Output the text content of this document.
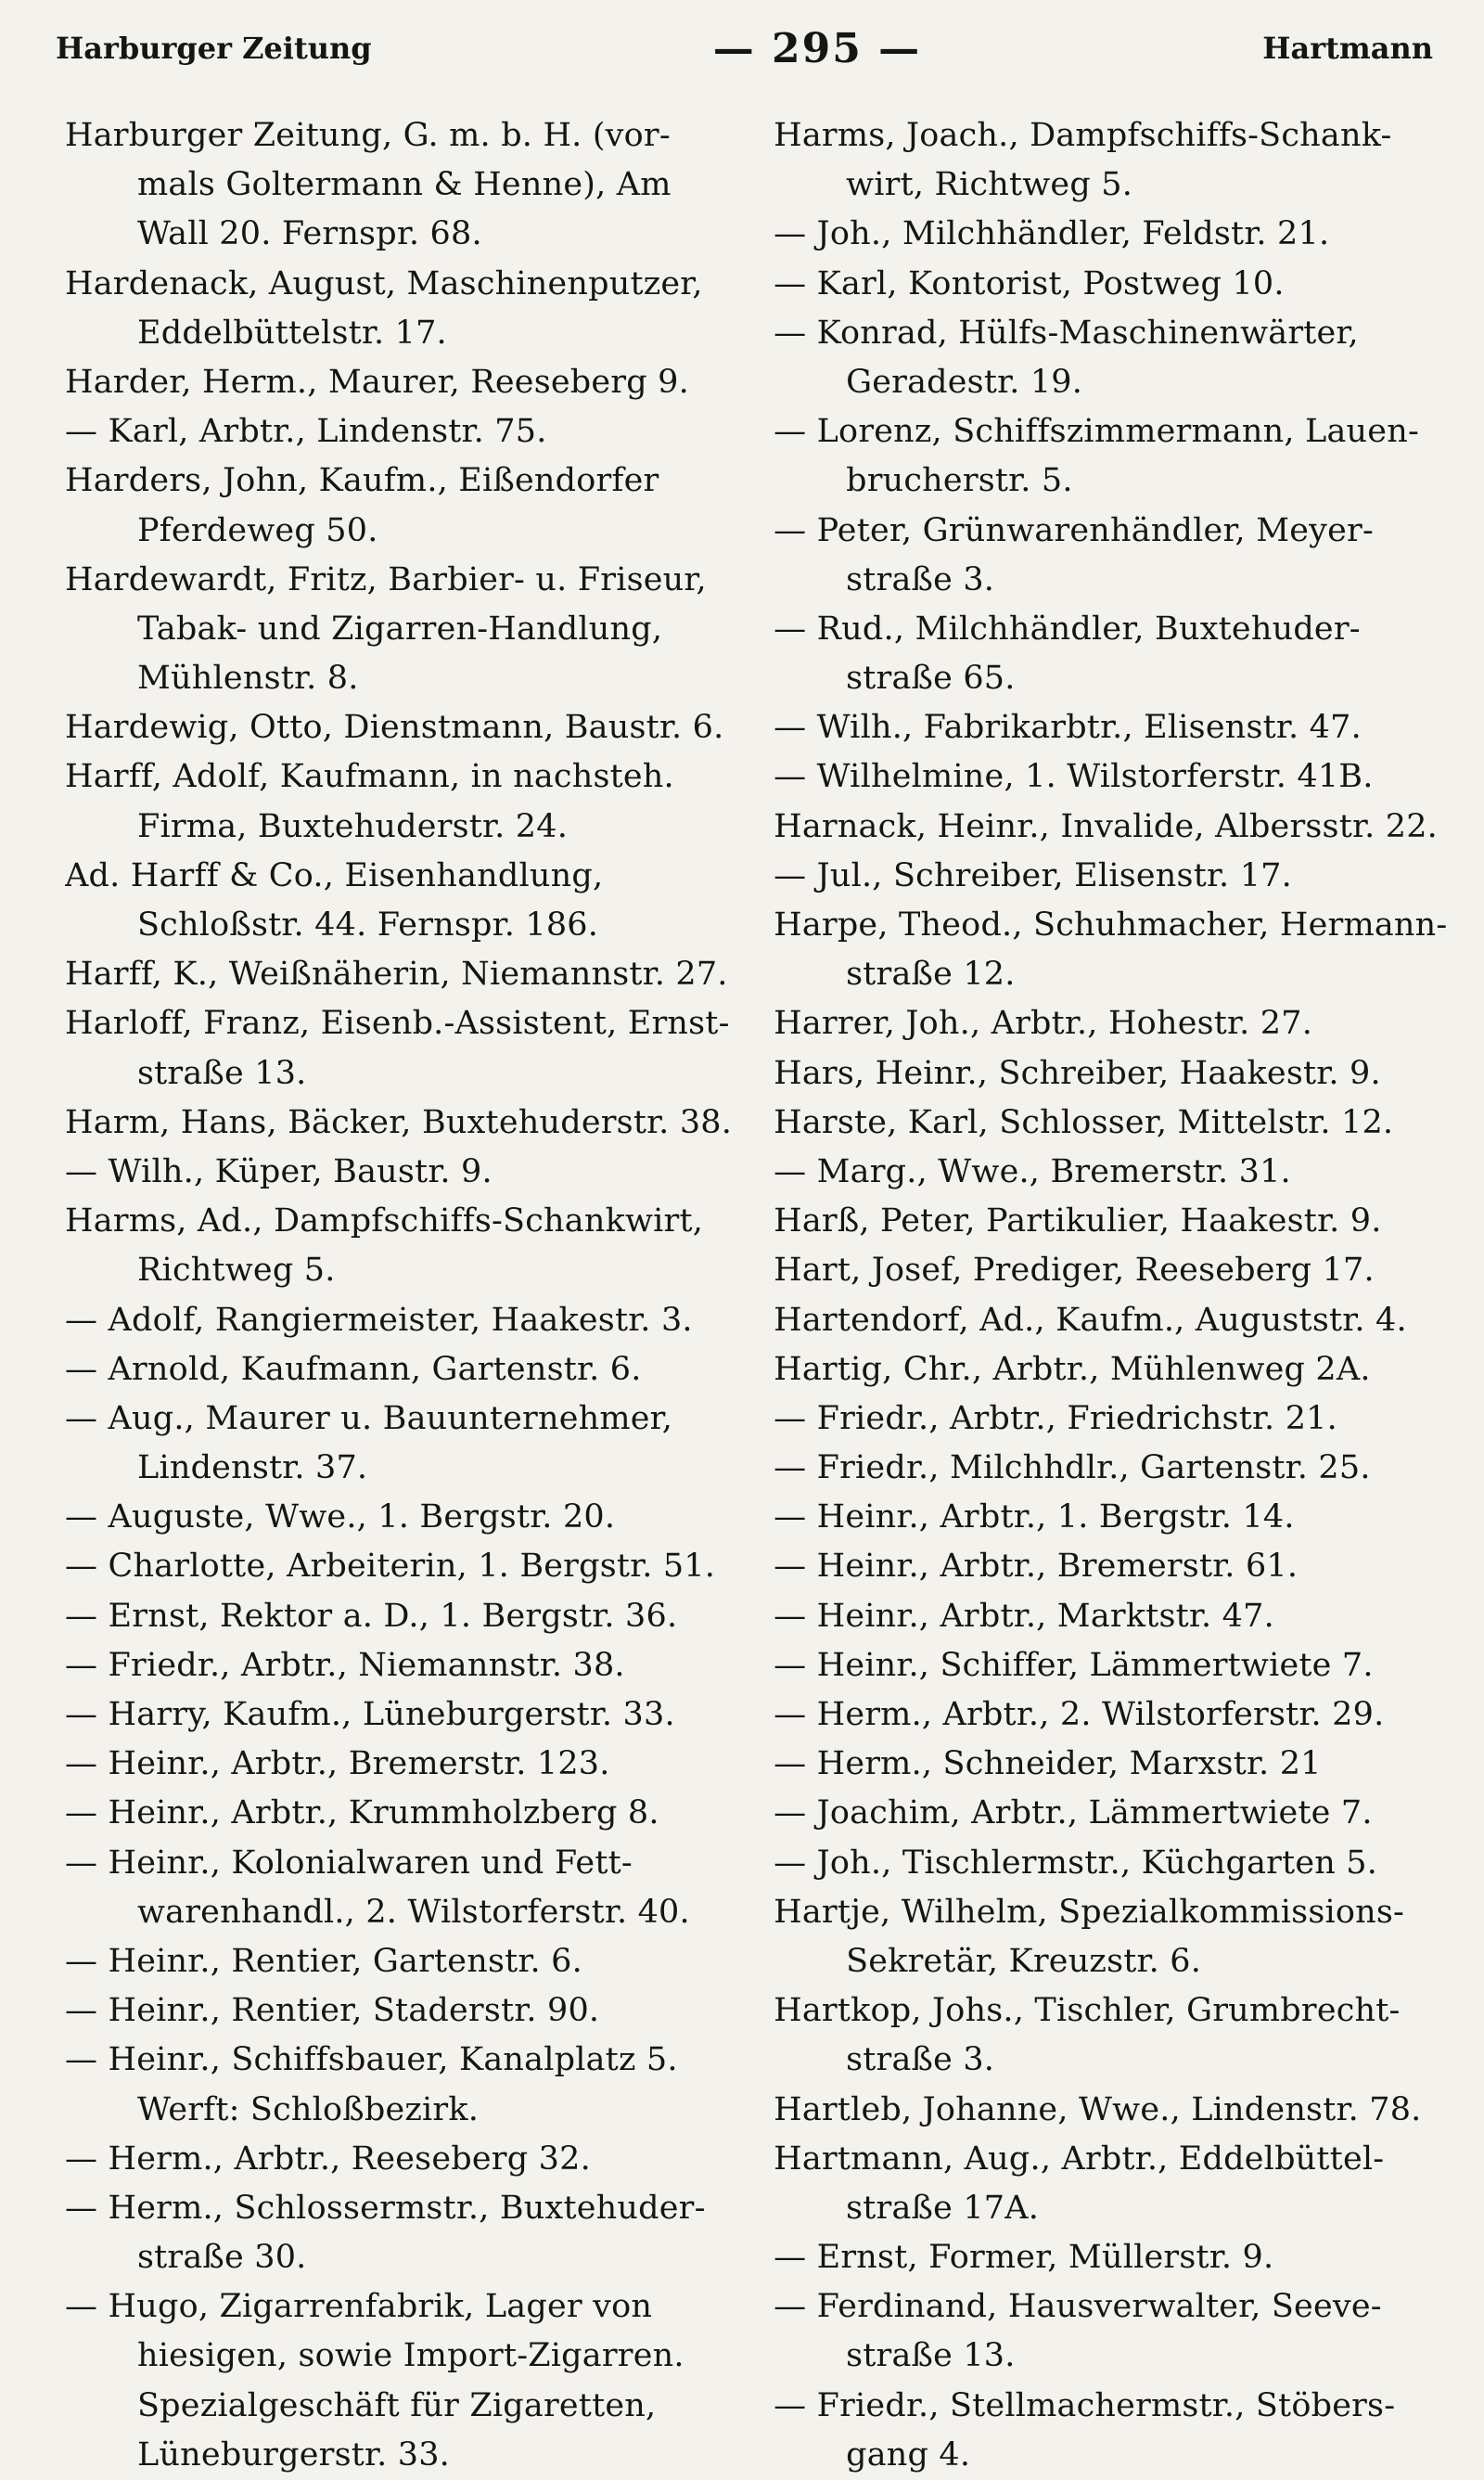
Harburger Zeitung	— 295 —	Hartmann
Harburger Zeitung, G. m. b. H. (vor-
mals Goltermann & Henne), Am
Wall 20. Fernspr. 68.
Hardenack, August, Maschinenputzer,
Eddelbüttelstr. 17.
Harder, Herm., Maurer, Reeseberg 9.
— Karl, Arbtr., Lindenstr. 75.
Harders, John, Kaufm., Eißendorfer
Pferdeweg 50.
Hardewardt, Fritz, Barbier- u. Friseur,
Tabak- und Zigarren-Handlung,
Mühlenstr. 8.
Hardewig, Otto, Dienstmann, Baustr. 6.
Harff, Adolf, Kaufmann, in nachsteh.
Firma, Buxtehuderstr. 24.
Ad. Harff & Co., Eisenhandlung,
Schloßstr. 44. Fernspr. 186.
Harff, K., Weißnäherin, Niemannstr. 27.
Harloff, Franz, Eisenb.-Assistent, Ernst-
straße 13.
Harm, Hans, Bäcker, Buxtehuderstr. 38.
— Wilh., Küper, Baustr. 9.
Harms, Ad., Dampfschiffs-Schankwirt,
Richtweg 5.
— Adolf, Rangiermeister, Haakestr. 3.
— Arnold, Kaufmann, Gartenstr. 6.
— Aug., Maurer u. Bauunternehmer,
Lindenstr. 37.
— Auguste, Wwe., 1. Bergstr. 20.
— Charlotte, Arbeiterin, 1. Bergstr. 51.
— Ernst, Rektor a. D., 1. Bergstr. 36.
— Friedr., Arbtr., Niemannstr. 38.
— Harry, Kaufm., Lüneburgerstr. 33.
— Heinr., Arbtr., Bremerstr. 123.
— Heinr., Arbtr., Krummholzberg 8.
— Heinr., Kolonialwaren und Fett-
warenhandl., 2. Wilstorferstr. 40.
— Heinr., Rentier, Gartenstr. 6.
— Heinr., Rentier, Staderstr. 90.
— Heinr., Schiffsbauer, Kanalplatz 5.
Werft: Schloßbezirk.
— Herm., Arbtr., Reeseberg 32.
— Herm., Schlossermstr., Buxtehuder-
straße 30.
— Hugo, Zigarrenfabrik, Lager von
hiesigen, sowie Import-Zigarren.
Spezialgeschäft für Zigaretten,
Lüneburgerstr. 33.
Harms, Joach., Dampfschiffs-Schank-
wirt, Richtweg 5.
— Joh., Milchhändler, Feldstr. 21.
— Karl, Kontorist, Postweg 10.
— Konrad, Hülfs-Maschinenwärter,
Geradestr. 19.
— Lorenz, Schiffszimmermann, Lauen-
brucherstr. 5.
— Peter, Grünwarenhändler, Meyer-
straße 3.
— Rud., Milchhändler, Buxtehuder-
straße 65.
— Wilh., Fabrikarbtr., Elisenstr. 47.
— Wilhelmine, 1. Wilstorferstr. 41B.
Harnack, Heinr., Invalide, Albersstr. 22.
— Jul., Schreiber, Elisenstr. 17.
Harpe, Theod., Schuhmacher, Hermann-
straße 12.
Harrer, Joh., Arbtr., Hohestr. 27.
Hars, Heinr., Schreiber, Haakestr. 9.
Harste, Karl, Schlosser, Mittelstr. 12.
— Marg., Wwe., Bremerstr. 31.
Harß, Peter, Partikulier, Haakestr. 9.
Hart, Josef, Prediger, Reeseberg 17.
Hartendorf, Ad., Kaufm., Auguststr. 4.
Hartig, Chr., Arbtr., Mühlenweg 2A.
— Friedr., Arbtr., Friedrichstr. 21.
— Friedr., Milchhdlr., Gartenstr. 25.
— Heinr., Arbtr., 1. Bergstr. 14.
— Heinr., Arbtr., Bremerstr. 61.
— Heinr., Arbtr., Marktstr. 47.
— Heinr., Schiffer, Lämmertwiete 7.
— Herm., Arbtr., 2. Wilstorferstr. 29.
— Herm., Schneider, Marxstr. 21
— Joachim, Arbtr., Lämmertwiete 7.
— Joh., Tischlermstr., Küchgarten 5.
Hartje, Wilhelm, Spezialkommissions-
Sekretär, Kreuzstr. 6.
Hartkop, Johs., Tischler, Grumbrecht-
straße 3.
Hartleb, Johanne, Wwe., Lindenstr. 78.
Hartmann, Aug., Arbtr., Eddelbüttel-
straße 17A.
— Ernst, Former, Müllerstr. 9.
— Ferdinand, Hausverwalter, Seeve-
straße 13.
— Friedr., Stellmachermstr., Stöbers-
gang 4.
